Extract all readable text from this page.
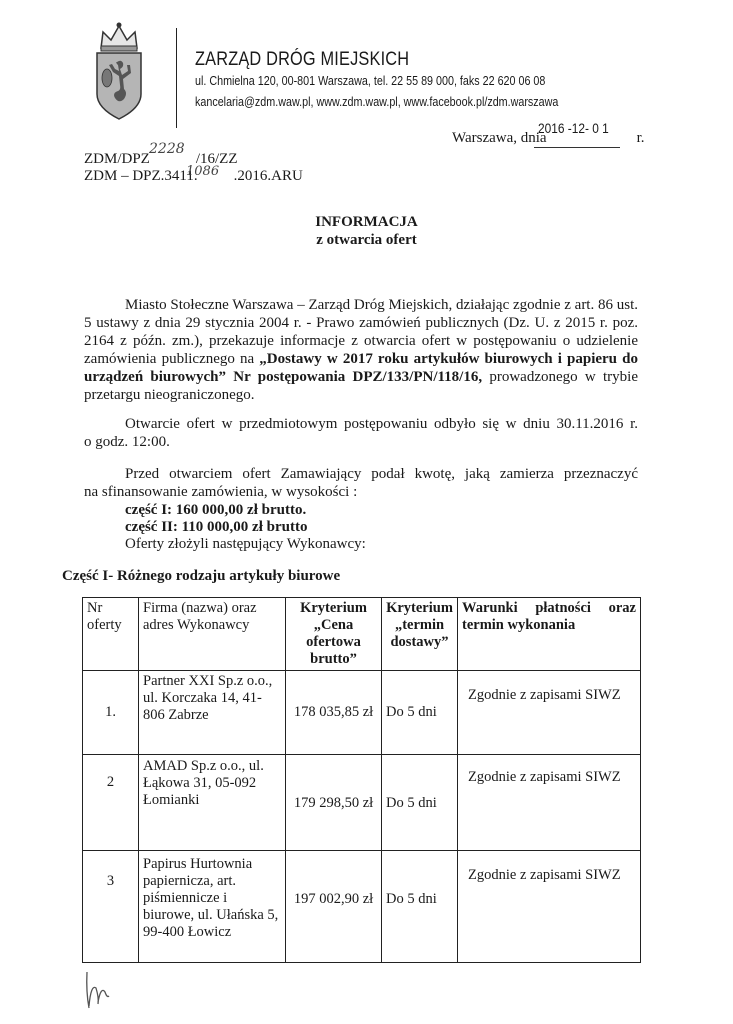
ZARZĄD DRÓG MIEJSKICH
ul. Chmielna 120, 00-801 Warszawa, tel. 22 55 89 000, faks 22 620 06 08
kancelaria@zdm.waw.pl, www.zdm.waw.pl, www.facebook.pl/zdm.warszawa
Warszawa, dnia	r.
2016 -12- 0 1
ZDM/DPZ	/16/ZZ
2228
ZDM – DPZ.3411. .2016.ARU
1086
INFORMACJA
z otwarcia ofert
Miasto Stołeczne Warszawa – Zarząd Dróg Miejskich, działając zgodnie z art. 86 ust.
5 ustawy z dnia 29 stycznia 2004 r. - Prawo zamówień publicznych (Dz. U. z 2015 r. poz.
2164 z późn. zm.), przekazuje informacje z otwarcia ofert w postępowaniu o udzielenie
zamówienia publicznego na „Dostawy w 2017 roku artykułów biurowych i papieru do
urządzeń biurowych” Nr postępowania DPZ/133/PN/118/16, prowadzonego w trybie
przetargu nieograniczonego.
Otwarcie ofert w przedmiotowym postępowaniu odbyło się w dniu 30.11.2016 r.
o godz. 12:00.
Przed otwarciem ofert Zamawiający podał kwotę, jaką zamierza przeznaczyć
na sfinansowanie zamówienia, w wysokości :
część I: 160 000,00 zł brutto.
część II: 110 000,00 zł brutto
Oferty złożyli następujący Wykonawcy:
Część I- Różnego rodzaju artykuły biurowe
Nr oferty	Firma (nazwa) oraz adres Wykonawcy	Kryterium „Cena ofertowa brutto”	Kryterium „termin dostawy”	Warunki płatności oraz termin wykonania
1.	Partner XXI Sp.z o.o., ul. Korczaka 14, 41-806 Zabrze	178 035,85 zł	Do 5 dni	Zgodnie z zapisami SIWZ
2	AMAD Sp.z o.o., ul. Łąkowa 31, 05-092 Łomianki	179 298,50 zł	Do 5 dni	Zgodnie z zapisami SIWZ
3	Papirus Hurtownia papiernicza, art. piśmiennicze i biurowe, ul. Ułańska 5, 99-400 Łowicz	197 002,90 zł	Do 5 dni	Zgodnie z zapisami SIWZ
